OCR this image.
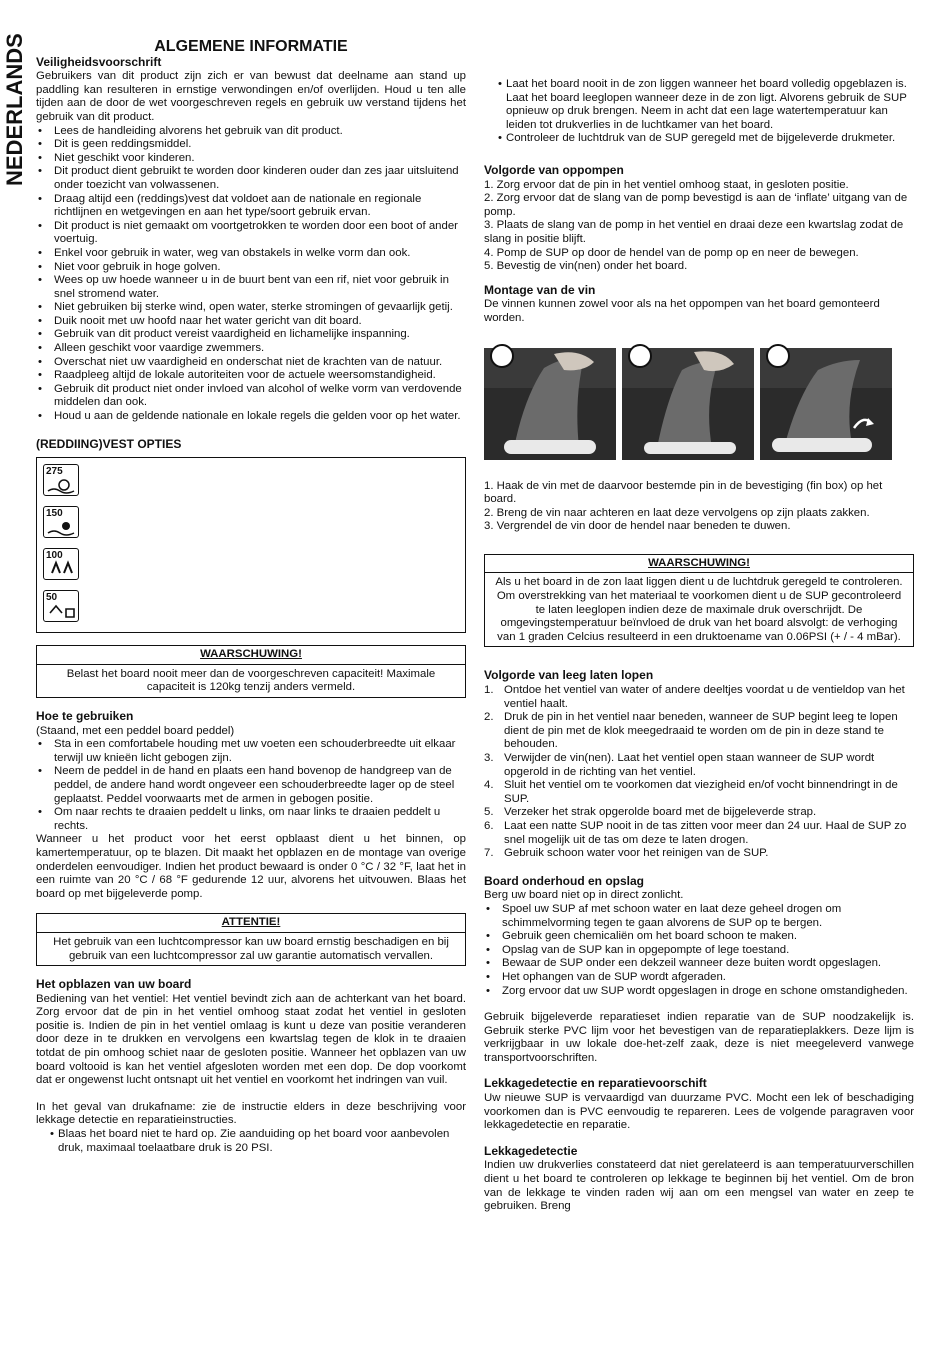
NEDERLANDS	ALGEMENE INFORMATIE
Veiligheidsvoorschrift

Gebruikers van dit product zijn zich er van bewust dat deelname aan stand up paddling kan resulteren in ernstige verwondingen en/of overlijden. Houd u ten alle tijden aan de door de wet voorgeschreven regels en gebruik uw verstand tijdens het gebruik van dit product.

• Lees de handleiding alvorens het gebruik van dit product.
• Dit is geen reddingsmiddel.
• Niet geschikt voor kinderen.
• Dit product dient gebruikt te worden door kinderen ouder dan zes jaar uitsluitend onder toezicht van volwassenen.
• Draag altijd een (reddings)vest dat voldoet aan de nationale en regionale richtlijnen en wetgevingen en aan het type/soort gebruik ervan.
• Dit product is niet gemaakt om voortgetrokken te worden door een boot of ander voertuig.
• Enkel voor gebruik in water, weg van obstakels in welke vorm dan ook.
• Niet voor gebruik in hoge golven.
• Wees op uw hoede wanneer u in de buurt bent van een rif, niet voor gebruik in snel stromend water.
• Niet gebruiken bij sterke wind, open water, sterke stromingen of gevaarlijk getij.
• Duik nooit met uw hoofd naar het water gericht van dit board.
• Gebruik van dit product vereist vaardigheid en lichamelijke inspanning.
• Alleen geschikt voor vaardige zwemmers.
• Overschat niet uw vaardigheid en onderschat niet de krachten van de natuur.
• Raadpleeg altijd de lokale autoriteiten voor de actuele weersomstandigheid.
• Gebruik dit product niet onder invloed van alcohol of welke vorm van verdovende middelen dan ook.
• Houd u aan de geldende nationale en lokale regels die gelden voor op het water.
(REDDIING)VEST OPTIES
275
150
100
50
WAARSCHUWING!
Belast het board nooit meer dan de voorgeschreven capaciteit! Maximale capaciteit is 120kg tenzij anders vermeld.
Hoe te gebruiken

(Staand, met een peddel board peddel)

• Sta in een comfortabele houding met uw voeten een schouderbreedte uit elkaar terwijl uw knieën licht gebogen zijn.
• Neem de peddel in de hand en plaats een hand bovenop de handgreep van de peddel, de andere hand wordt ongeveer een schouderbreedte lager op de steel geplaatst. Peddel voorwaarts met de armen in gebogen positie.
• Om naar rechts te draaien peddelt u links, om naar links te draaien peddelt u rechts.

Wanneer u het product voor het eerst opblaast dient u het binnen, op kamertemperatuur, op te blazen. Dit maakt het opblazen en de montage van overige onderdelen eenvoudiger. Indien het product bewaard is onder 0 °C / 32 °F, laat het in een ruimte van 20 °C / 68 °F gedurende 12 uur, alvorens het uitvouwen. Blaas het board op met bijgeleverde pomp.

ATTENTIE!
Het gebruik van een luchtcompressor kan uw board ernstig beschadigen en bij gebruik van een luchtcompressor zal uw garantie automatisch vervallen.
Het opblazen van uw board

Bediening van het ventiel: Het ventiel bevindt zich aan de achterkant van het board. Zorg ervoor dat de pin in het ventiel omhoog staat zodat het ventiel in gesloten positie is. Indien de pin in het ventiel omlaag is kunt u deze van positie veranderen door deze in te drukken en vervolgens een kwartslag tegen de klok in te draaien totdat de pin omhoog schiet naar de gesloten positie. Wanneer het opblazen van uw board voltooid is kan het ventiel afgesloten worden met een dop. De dop voorkomt dat er ongewenst lucht ontsnapt uit het ventiel en voorkomt het indringen van vuil.

In het geval van drukafname: zie de instructie elders in deze beschrijving voor lekkage detectie en reparatieinstructies.

• Blaas het board niet te hard op. Zie aanduiding op het board voor aanbevolen druk, maximaal toelaatbare druk is 20 PSI.
• Laat het board nooit in de zon liggen wanneer het board volledig opgeblazen is. Laat het board leeglopen wanneer deze in de zon ligt. Alvorens gebruik de SUP opnieuw op druk brengen. Neem in acht dat een lage watertemperatuur kan leiden tot drukverlies in de luchtkamer van het board.
• Controleer de luchtdruk van de SUP geregeld met de bijgeleverde drukmeter.
Volgorde van oppompen
1. Zorg ervoor dat de pin in het ventiel omhoog staat, in gesloten positie.
2. Zorg ervoor dat de slang van de pomp bevestigd is aan de ‘inflate’ uitgang van de pomp.
3. Plaats de slang van de pomp in het ventiel en draai deze een kwartslag zodat de slang in positie blijft.
4. Pomp de SUP op door de hendel van de pomp op en neer de bewegen.
5. Bevestig de vin(nen) onder het board.
Montage van de vin

De vinnen kunnen zowel voor als na het oppompen van het board gemonteerd worden.

1. Haak de vin met de daarvoor bestemde pin in de bevestiging (fin box) op het board.
2. Breng de vin naar achteren en laat deze vervolgens op zijn plaats zakken.
3. Vergrendel de vin door de hendel naar beneden te duwen.
WAARSCHUWING!
Als u het board in de zon laat liggen dient u de luchtdruk geregeld te controleren. Om overstrekking van het materiaal te voorkomen dient u de SUP gecontroleerd te laten leeglopen indien deze de maximale druk overschrijdt. De omgevingstemperatuur beïnvloed de druk van het board alsvolgt: de verhoging van 1 graden Celcius resulteerd in een druktoename van 0.06PSI (+ / - 4 mBar).
Volgorde van leeg laten lopen
1. Ontdoe het ventiel van water of andere deeltjes voordat u de ventieldop van het ventiel haalt.
2. Druk de pin in het ventiel naar beneden, wanneer de SUP begint leeg te lopen dient de pin met de klok meegedraaid te worden om de pin in deze stand te behouden.
3. Verwijder de vin(nen). Laat het ventiel open staan wanneer de SUP wordt opgerold in de richting van het ventiel.
4. Sluit het ventiel om te voorkomen dat viezigheid en/of vocht binnendringt in de SUP.
5. Verzeker het strak opgerolde board met de bijgeleverde strap.
6. Laat een natte SUP nooit in de tas zitten voor meer dan 24 uur. Haal de SUP zo snel mogelijk uit de tas om deze te laten drogen.
7. Gebruik schoon water voor het reinigen van de SUP.
Board onderhoud en opslag

Berg uw board niet op in direct zonlicht.

• Spoel uw SUP af met schoon water en laat deze geheel drogen om schimmelvorming tegen te gaan alvorens de SUP op te bergen.
• Gebruik geen chemicaliën om het board schoon te maken.
• Opslag van de SUP kan in opgepompte of lege toestand.
• Bewaar de SUP onder een dekzeil wanneer deze buiten wordt opgeslagen.
• Het ophangen van de SUP wordt afgeraden.
• Zorg ervoor dat uw SUP wordt opgeslagen in droge en schone omstandigheden.

Gebruik bijgeleverde reparatieset indien reparatie van de SUP noodzakelijk is. Gebruik sterke PVC lijm voor het bevestigen van de reparatieplakkers. Deze lijm is verkrijgbaar in uw lokale doe-het-zelf zaak, deze is niet meegeleverd vanwege transportvoorschriften.

Lekkagedetectie en reparatievoorschift

Uw nieuwe SUP is vervaardigd van duurzame PVC. Mocht een lek of beschadiging voorkomen dan is PVC eenvoudig te repareren. Lees de volgende paragraven voor lekkagedetectie en reparatie.

Lekkagedetectie

Indien uw drukverlies constateerd dat niet gerelateerd is aan temperatuurverschillen dient u het board te controleren op lekkage te beginnen bij het ventiel. Om de bron van de lekkage te vinden raden wij aan om een mengsel van water en zeep te gebruiken. Breng
